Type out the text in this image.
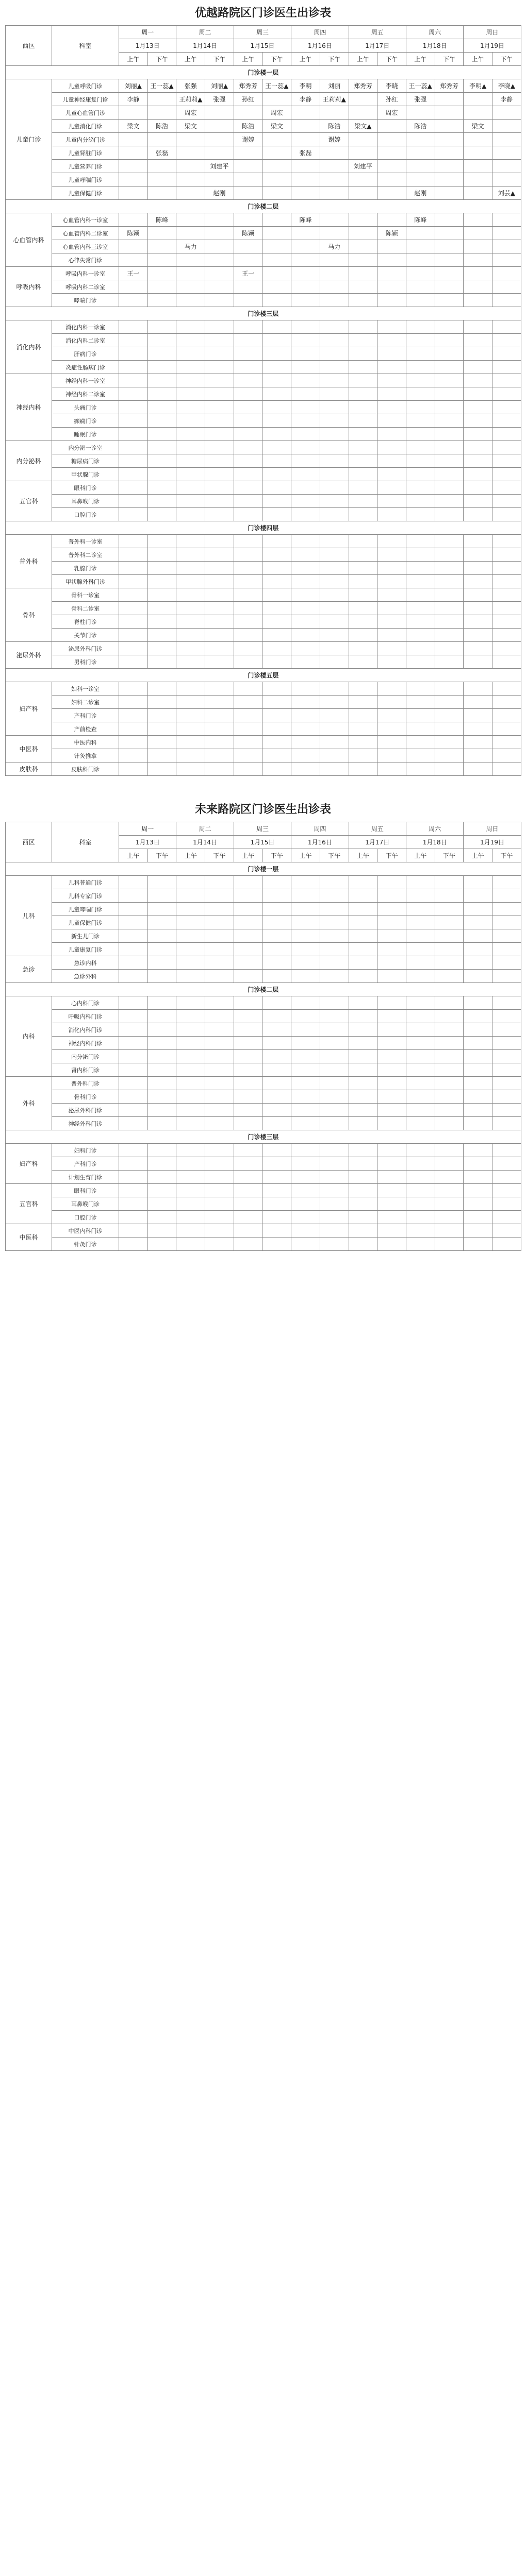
优越路院区门诊医生出诊表
西区	科室	周一		周二		周三		周四		周五		周六		周日	
		1月13日		1月14日		1月15日		1月16日		1月17日		1月18日		1月19日	
		上午	下午	上午	下午	上午	下午	上午	下午	上午	下午	上午	下午	上午	下午
门诊楼一层															
儿童门诊	儿童呼吸门诊	刘丽▲	王一蕊▲	张强	刘丽▲	郑秀芳	王一蕊▲	李明	刘丽	郑秀芳	李晓	王一蕊▲	郑秀芳	李明▲	李晓▲
	儿童神经康复门诊	李静		王莉莉▲	张强	孙红		李静	王莉莉▲		孙红	张强			李静
	儿童心血管门诊			周宏			周宏				周宏				
	儿童消化门诊	梁文	陈浩	梁文		陈浩	梁文		陈浩	梁文▲		陈浩		梁文	
	儿童内分泌门诊					谢婷			谢婷						
	儿童肾脏门诊		张磊					张磊							
	儿童营养门诊				刘建平					刘建平					
	儿童哮喘门诊														
	儿童保健门诊				赵刚							赵刚			刘芸▲
门诊楼二层															
心血管内科	心血管内科一诊室		陈峰					陈峰				陈峰			
	心血管内科二诊室	陈颖				陈颖					陈颖				
	心血管内科三诊室			马力					马力						
	心律失常门诊														
呼吸内科	呼吸内科一诊室	王一				王一									
	呼吸内科二诊室														
	哮喘门诊														
门诊楼三层															
消化内科	消化内科一诊室														
	消化内科二诊室														
	肝病门诊														
	炎症性肠病门诊														
神经内科	神经内科一诊室														
	神经内科二诊室														
	头痛门诊														
	癫痫门诊														
	睡眠门诊														
内分泌科	内分泌一诊室														
	糖尿病门诊														
	甲状腺门诊														
五官科	眼科门诊														
	耳鼻喉门诊														
	口腔门诊														
门诊楼四层															
普外科	普外科一诊室														
	普外科二诊室														
	乳腺门诊														
	甲状腺外科门诊														
骨科	骨科一诊室														
	骨科二诊室														
	脊柱门诊														
	关节门诊														
泌尿外科	泌尿外科门诊														
	男科门诊														
门诊楼五层															
妇产科	妇科一诊室														
	妇科二诊室														
	产科门诊														
	产前检查														
中医科	中医内科														
	针灸推拿														
皮肤科	皮肤科门诊														
未来路院区门诊医生出诊表
西区	科室	周一		周二		周三		周四		周五		周六		周日	
		1月13日		1月14日		1月15日		1月16日		1月17日		1月18日		1月19日	
		上午	下午	上午	下午	上午	下午	上午	下午	上午	下午	上午	下午	上午	下午
门诊楼一层															
儿科	儿科普通门诊														
	儿科专家门诊														
	儿童哮喘门诊														
	儿童保健门诊														
	新生儿门诊														
	儿童康复门诊														
急诊	急诊内科														
	急诊外科														
门诊楼二层															
内科	心内科门诊														
	呼吸内科门诊														
	消化内科门诊														
	神经内科门诊														
	内分泌门诊														
	肾内科门诊														
外科	普外科门诊														
	骨科门诊														
	泌尿外科门诊														
	神经外科门诊														
门诊楼三层															
妇产科	妇科门诊														
	产科门诊														
	计划生育门诊														
五官科	眼科门诊														
	耳鼻喉门诊														
	口腔门诊														
中医科	中医内科门诊														
	针灸门诊														
